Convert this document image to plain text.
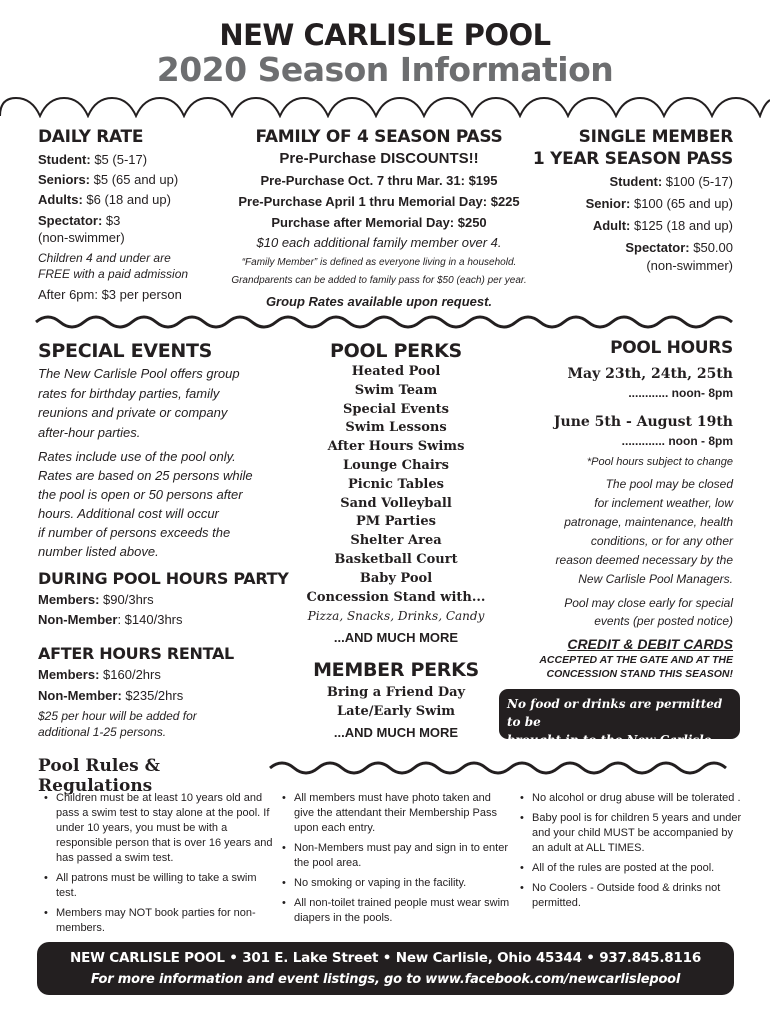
NEW CARLISLE POOL
2020 Season Information
DAILY RATE
Student: $5 (5-17)
Seniors: $5 (65 and up)
Adults: $6 (18 and up)
Spectator: $3
(non-swimmer)
Children 4 and under are
FREE with a paid admission
After 6pm: $3 per person
FAMILY OF 4 SEASON PASS
Pre-Purchase DISCOUNTS!!
Pre-Purchase Oct. 7 thru Mar. 31: $195
Pre-Purchase April 1 thru Memorial Day: $225
Purchase after Memorial Day: $250
$10 each additional family member over 4.
“Family Member” is defined as everyone living in a household.
Grandparents can be added to family pass for $50 (each) per year.
Group Rates available upon request.
SINGLE MEMBER
1 YEAR SEASON PASS
Student: $100 (5-17)
Senior: $100 (65 and up)
Adult: $125 (18 and up)
Spectator: $50.00
(non-swimmer)
SPECIAL EVENTS
The New Carlisle Pool offers group
rates for birthday parties, family
reunions and private or company
after-hour parties.
Rates include use of the pool only.
Rates are based on 25 persons while
the pool is open or 50 persons after
hours. Additional cost will occur
if number of persons exceeds the
number listed above.
DURING POOL HOURS PARTY
Members: $90/3hrs
Non-Member: $140/3hrs
AFTER HOURS RENTAL
Members: $160/2hrs
Non-Member: $235/2hrs
$25 per hour will be added for
additional 1-25 persons.
POOL PERKS
Heated Pool
Swim Team
Special Events
Swim Lessons
After Hours Swims
Lounge Chairs
Picnic Tables
Sand Volleyball
PM Parties
Shelter Area
Basketball Court
Baby Pool
Concession Stand with...
Pizza, Snacks, Drinks, Candy
...AND MUCH MORE
MEMBER PERKS
Bring a Friend Day
Late/Early Swim
...AND MUCH MORE
POOL HOURS
May 23th, 24th, 25th
............ noon- 8pm
June 5th - August 19th
............. noon - 8pm
*Pool hours subject to change
The pool may be closed
for inclement weather, low
patronage, maintenance, health
conditions, or for any other
reason deemed necessary by the
New Carlisle Pool Managers.
Pool may close early for special
events (per posted notice)
CREDIT & DEBIT CARDS
ACCEPTED AT THE GATE AND AT THE
CONCESSION STAND THIS SEASON!
No food or drinks are permitted to be
brought in to the New Carlisle Pool
Pool Rules & Regulations
• Children must be at least 10 years old and pass a swim test to stay alone at the pool. If under 10 years, you must be with a responsible person that is over 16 years and has passed a swim test.
• All patrons must be willing to take a swim test.
• Members may NOT book parties for non-members.
• All members must have photo taken and give the attendant their Membership Pass upon each entry.
• Non-Members must pay and sign in to enter the pool area.
• No smoking or vaping in the facility.
• All non-toilet trained people must wear swim diapers in the pools.
• No alcohol or drug abuse will be tolerated .
• Baby pool is for children 5 years and under and your child MUST be accompanied by an adult at ALL TIMES.
• All of the rules are posted at the pool.
• No Coolers - Outside food & drinks not permitted.
NEW CARLISLE POOL • 301 E. Lake Street • New Carlisle, Ohio 45344 • 937.845.8116
For more information and event listings, go to www.facebook.com/newcarlislepool
